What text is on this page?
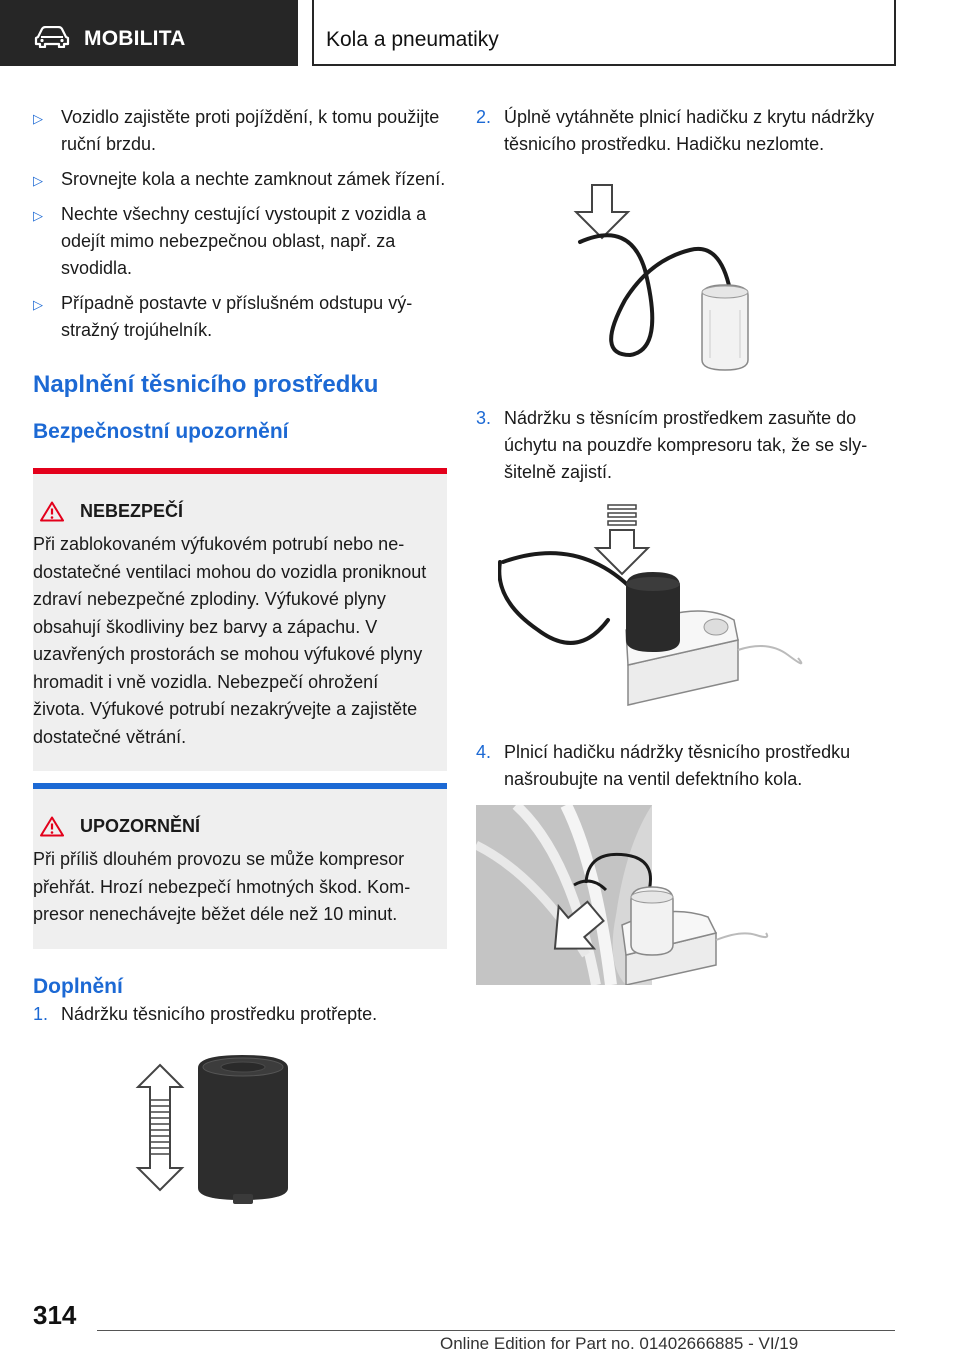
MOBILITA	Kola a pneumatiky
▷ Vozidlo zajistěte proti pojíždění, k tomu použijte ruční brzdu.
▷ Srovnejte kola a nechte zamknout zámek řízení.
▷ Nechte všechny cestující vystoupit z vozidla a odejít mimo nebezpečnou oblast, např. za svodidla.
▷ Případně postavte v příslušném odstupu výstražný trojúhelník.
Naplnění těsnicího prostředku
Bezpečnostní upozornění
NEBEZPEČÍ
Při zablokovaném výfukovém potrubí nebo nedostatečné ventilaci mohou do vozidla proniknout zdraví nebezpečné zplodiny. Výfukové plyny obsahují škodliviny bez barvy a zápachu. V uzavřených prostorách se mohou výfukové plyny hromadit i vně vozidla. Nebezpečí ohrožení života. Výfukové potrubí nezakrývejte a zajistěte dostatečné větrání.
UPOZORNĚNÍ
Při příliš dlouhém provozu se může kompresor přehřát. Hrozí nebezpečí hmotných škod. Kompresor nenechávejte běžet déle než 10 minut.
Doplnění
1. Nádržku těsnicího prostředku protřepte.
2. Úplně vytáhněte plnicí hadičku z krytu nádržky těsnicího prostředku. Hadičku nezlomte.
3. Nádržku s těsnícím prostředkem zasuňte do úchytu na pouzdře kompresoru tak, že se slyšitelně zajistí.
4. Plnicí hadičku nádržky těsnicího prostředku našroubujte na ventil defektního kola.
314
Online Edition for Part no. 01402666885 - VI/19
